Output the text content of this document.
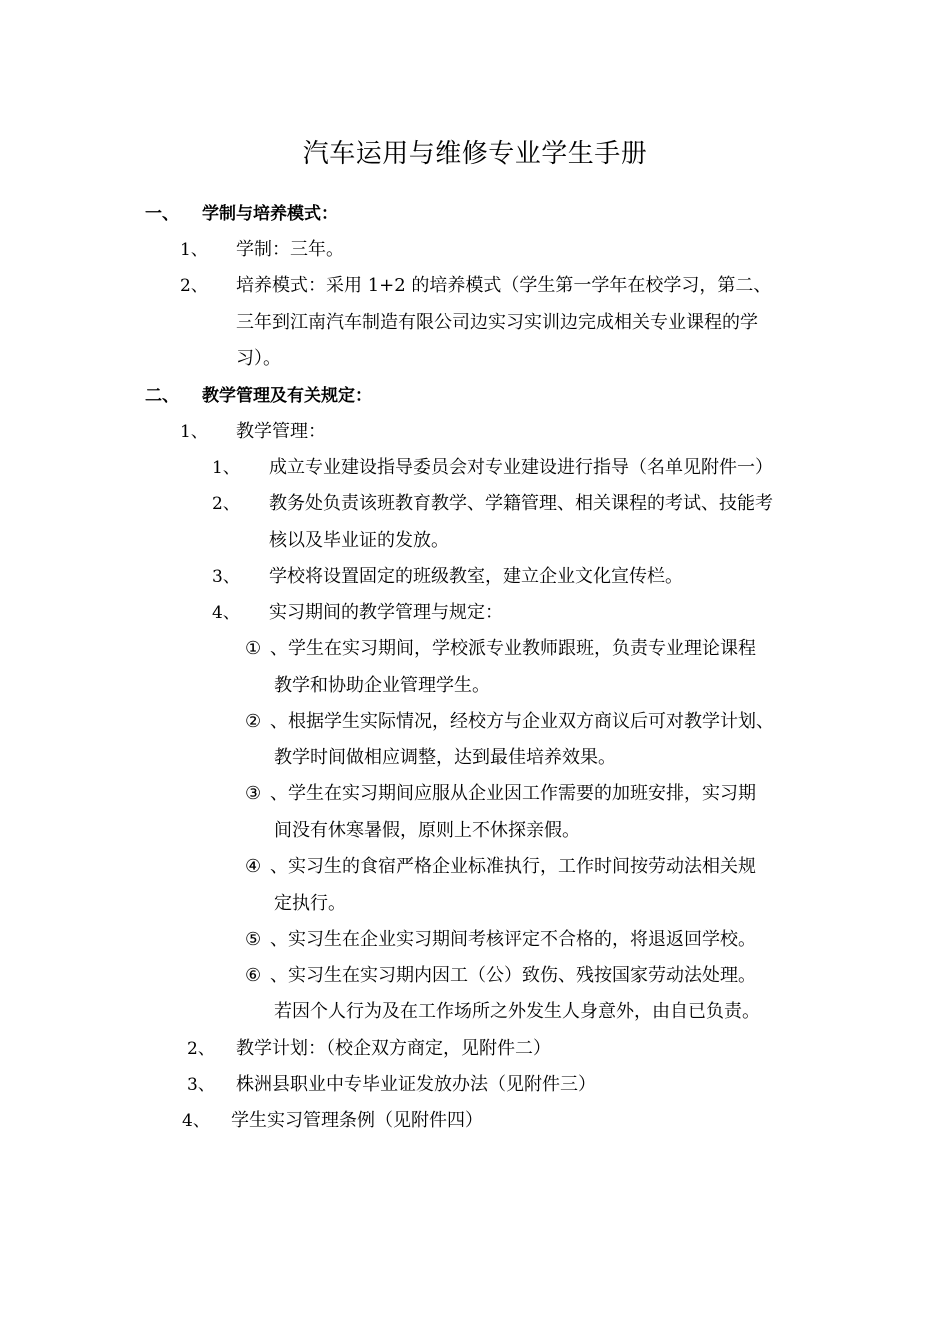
汽车运用与维修专业学生手册
一、 学制与培养模式：
1、 学制：三年。
2、 培养模式：采用 1+2 的培养模式（学生第一学年在校学习，第二、
三年到江南汽车制造有限公司边实习实训边完成相关专业课程的学
习）。
二、 教学管理及有关规定：
1、 教学管理：
1、 成立专业建设指导委员会对专业建设进行指导（名单见附件一）
2、 教务处负责该班教育教学、学籍管理、相关课程的考试、技能考
核以及毕业证的发放。
3、 学校将设置固定的班级教室，建立企业文化宣传栏。
4、 实习期间的教学管理与规定：
① 、学生在实习期间，学校派专业教师跟班，负责专业理论课程
教学和协助企业管理学生。
② 、根据学生实际情况，经校方与企业双方商议后可对教学计划、
教学时间做相应调整，达到最佳培养效果。
③ 、学生在实习期间应服从企业因工作需要的加班安排，实习期
间没有休寒暑假，原则上不休探亲假。
④ 、实习生的食宿严格企业标准执行，工作时间按劳动法相关规
定执行。
⑤ 、实习生在企业实习期间考核评定不合格的，将退返回学校。
⑥ 、实习生在实习期内因工（公）致伤、残按国家劳动法处理。
若因个人行为及在工作场所之外发生人身意外，由自已负责。
2、 教学计划：（校企双方商定，见附件二）
3、 株洲县职业中专毕业证发放办法（见附件三）
4、 学生实习管理条例（见附件四）
